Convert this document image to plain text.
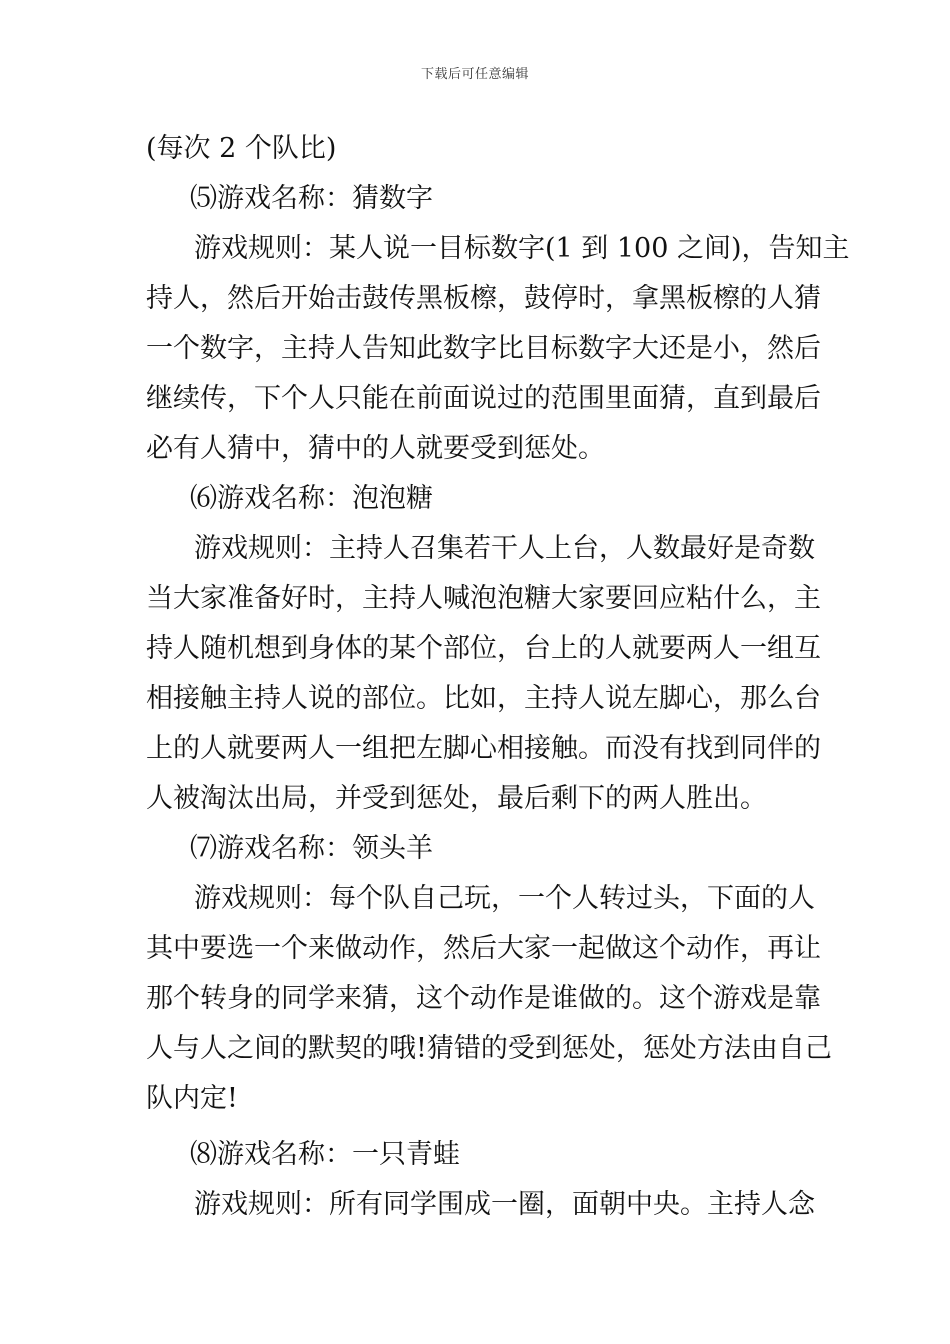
下载后可任意编辑
(每次 2 个队比)
⑸游戏名称：猜数字
游戏规则：某人说一目标数字(1 到 100 之间)，告知主
持人，然后开始击鼓传黑板檫，鼓停时，拿黑板檫的人猜
一个数字，主持人告知此数字比目标数字大还是小，然后
继续传，下个人只能在前面说过的范围里面猜，直到最后
必有人猜中，猜中的人就要受到惩处。
⑹游戏名称：泡泡糖
游戏规则：主持人召集若干人上台，人数最好是奇数
当大家准备好时，主持人喊泡泡糖大家要回应粘什么，主
持人随机想到身体的某个部位，台上的人就要两人一组互
相接触主持人说的部位。比如，主持人说左脚心，那么台
上的人就要两人一组把左脚心相接触。而没有找到同伴的
人被淘汰出局，并受到惩处，最后剩下的两人胜出。
⑺游戏名称：领头羊
游戏规则：每个队自己玩，一个人转过头，下面的人
其中要选一个来做动作，然后大家一起做这个动作，再让
那个转身的同学来猜，这个动作是谁做的。这个游戏是靠
人与人之间的默契的哦!猜错的受到惩处，惩处方法由自己
队内定!
⑻游戏名称：一只青蛙
游戏规则：所有同学围成一圈，面朝中央。主持人念
